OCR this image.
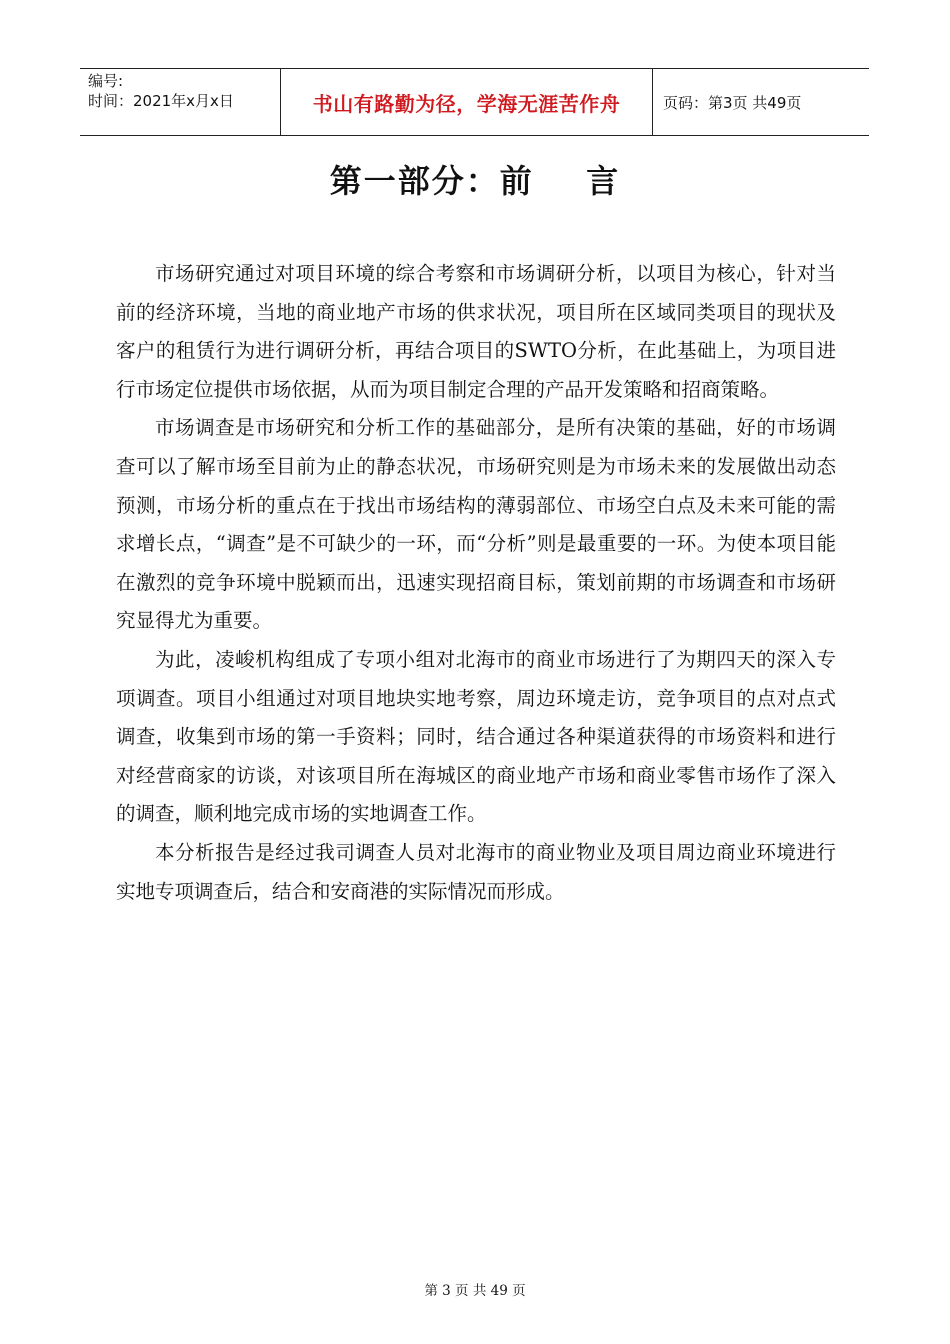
编号:
时间：2021年x月x日	书山有路勤为径，学海无涯苦作舟	页码：第3页 共49页
第一部分：前    言

市场研究通过对项目环境的综合考察和市场调研分析，以项目为核心，针对当前的经济环境，当地的商业地产市场的供求状况，项目所在区域同类项目的现状及客户的租赁行为进行调研分析，再结合项目的SWTO分析，在此基础上，为项目进行市场定位提供市场依据，从而为项目制定合理的产品开发策略和招商策略。

市场调查是市场研究和分析工作的基础部分，是所有决策的基础，好的市场调查可以了解市场至目前为止的静态状况，市场研究则是为市场未来的发展做出动态预测，市场分析的重点在于找出市场结构的薄弱部位、市场空白点及未来可能的需求增长点，“调查”是不可缺少的一环，而“分析”则是最重要的一环。为使本项目能在激烈的竞争环境中脱颖而出，迅速实现招商目标，策划前期的市场调查和市场研究显得尤为重要。

为此，凌峻机构组成了专项小组对北海市的商业市场进行了为期四天的深入专项调查。项目小组通过对项目地块实地考察，周边环境走访，竞争项目的点对点式调查，收集到市场的第一手资料；同时，结合通过各种渠道获得的市场资料和进行对经营商家的访谈，对该项目所在海城区的商业地产市场和商业零售市场作了深入的调查，顺利地完成市场的实地调查工作。

本分析报告是经过我司调查人员对北海市的商业物业及项目周边商业环境进行实地专项调查后，结合和安商港的实际情况而形成。

第 3 页 共 49 页
